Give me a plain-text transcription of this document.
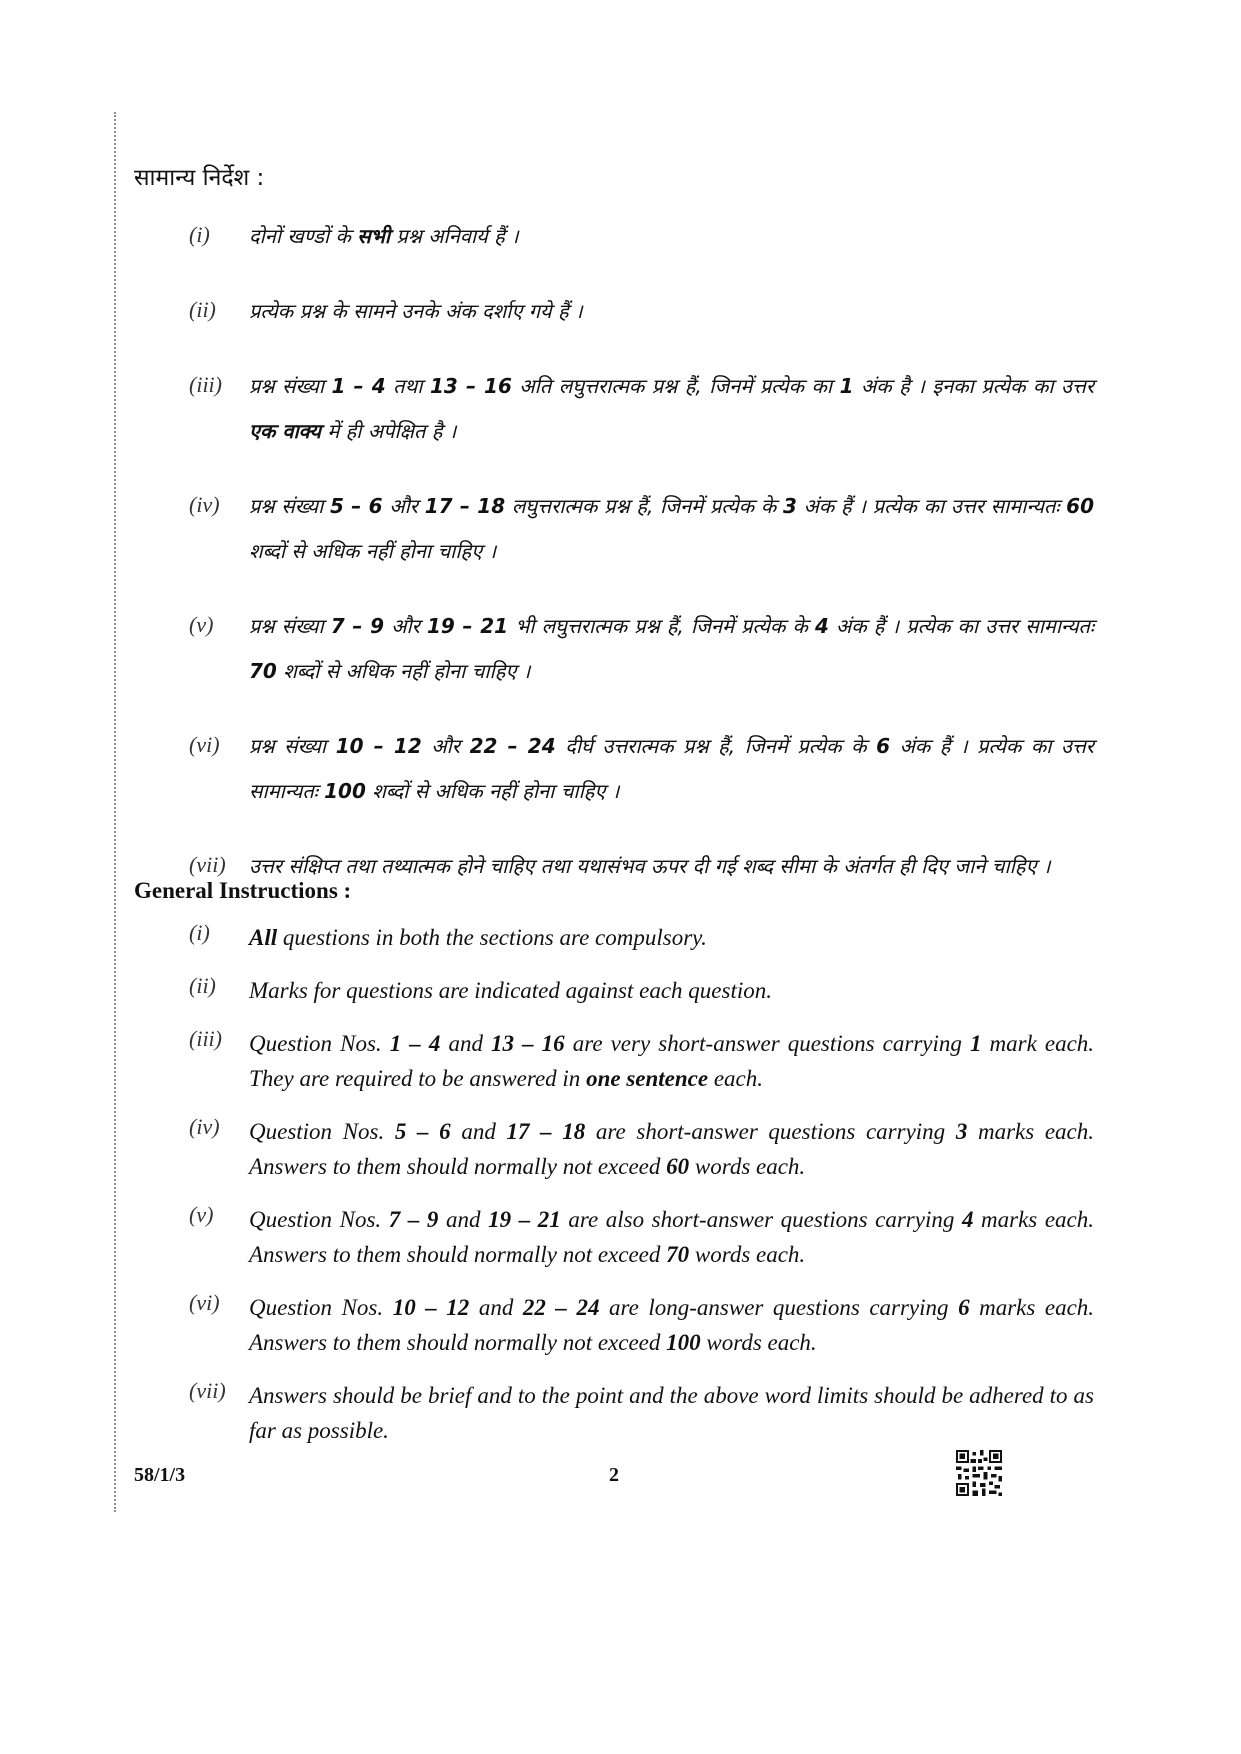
सामान्य निर्देश :
(i) दोनों खण्डों के सभी प्रश्न अनिवार्य हैं ।
(ii) प्रत्येक प्रश्न के सामने उनके अंक दर्शाए गये हैं ।
(iii) प्रश्न संख्या 1 – 4 तथा 13 – 16 अति लघुत्तरात्मक प्रश्न हैं, जिनमें प्रत्येक का 1 अंक है । इनका प्रत्येक का उत्तर एक वाक्य में ही अपेक्षित है ।
(iv) प्रश्न संख्या 5 – 6 और 17 – 18 लघुत्तरात्मक प्रश्न हैं, जिनमें प्रत्येक के 3 अंक हैं । प्रत्येक का उत्तर सामान्यतः 60 शब्दों से अधिक नहीं होना चाहिए ।
(v) प्रश्न संख्या 7 – 9 और 19 – 21 भी लघुत्तरात्मक प्रश्न हैं, जिनमें प्रत्येक के 4 अंक हैं । प्रत्येक का उत्तर सामान्यतः 70 शब्दों से अधिक नहीं होना चाहिए ।
(vi) प्रश्न संख्या 10 – 12 और 22 – 24 दीर्घ उत्तरात्मक प्रश्न हैं, जिनमें प्रत्येक के 6 अंक हैं । प्रत्येक का उत्तर सामान्यतः 100 शब्दों से अधिक नहीं होना चाहिए ।
(vii) उत्तर संक्षिप्त तथा तथ्यात्मक होने चाहिए तथा यथासंभव ऊपर दी गई शब्द सीमा के अंतर्गत ही दिए जाने चाहिए ।
General Instructions :
(i) All questions in both the sections are compulsory.
(ii) Marks for questions are indicated against each question.
(iii) Question Nos. 1 – 4 and 13 – 16 are very short-answer questions carrying 1 mark each. They are required to be answered in one sentence each.
(iv) Question Nos. 5 – 6 and 17 – 18 are short-answer questions carrying 3 marks each. Answers to them should normally not exceed 60 words each.
(v) Question Nos. 7 – 9 and 19 – 21 are also short-answer questions carrying 4 marks each. Answers to them should normally not exceed 70 words each.
(vi) Question Nos. 10 – 12 and 22 – 24 are long-answer questions carrying 6 marks each. Answers to them should normally not exceed 100 words each.
(vii) Answers should be brief and to the point and the above word limits should be adhered to as far as possible.
58/1/3	2
